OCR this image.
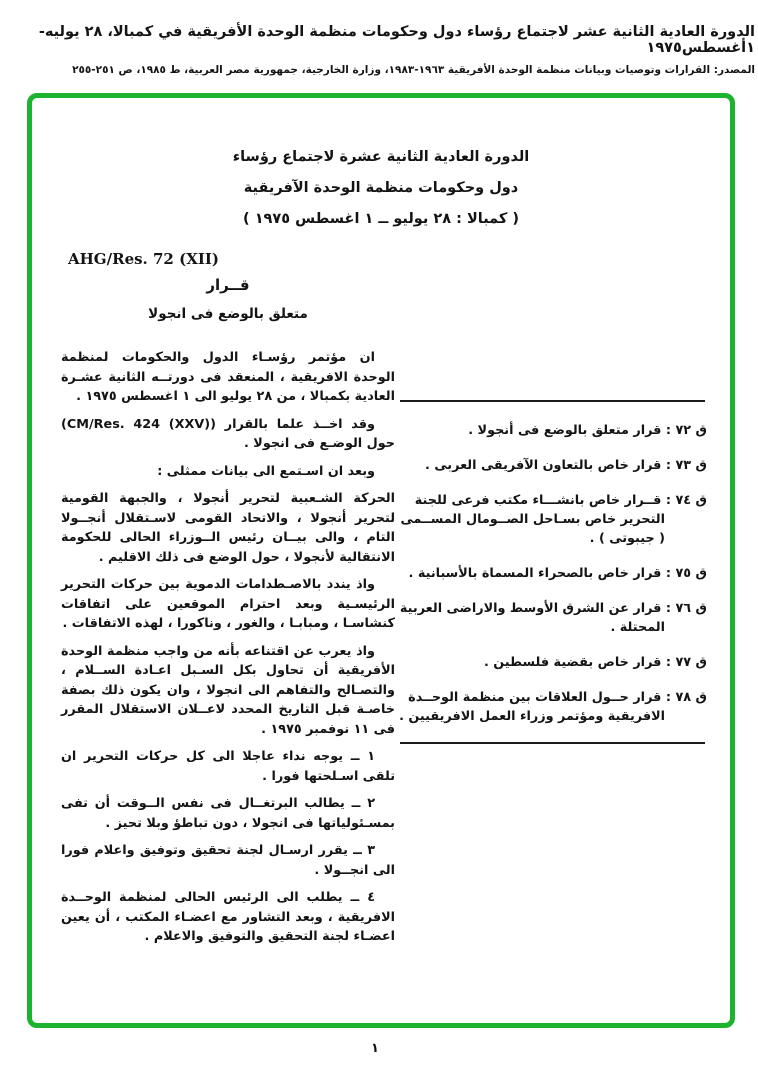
الدورة العادية الثانية عشر لاجتماع رؤساء دول وحكومات منظمة الوحدة الأفريقية في كمبالا، ٢٨ يوليه- ١أغسطس١٩٧٥
المصدر: القرارات وتوصيات وبيانات منظمة الوحدة الأفريقية ١٩٦٣-١٩٨٣، وزارة الخارجية، جمهورية مصر العربية، ط ١٩٨٥، ص ٢٥١-٢٥٥
الدورة العادية الثانية عشرة لاجتماع رؤساء
دول وحكومات منظمة الوحدة الآفريقية
( كمبالا : ٢٨ يوليو ــ ١ اغسطس ١٩٧٥ )
AHG/Res. 72 (XII)
قــرار
متعلق بالوضع فى انجولا

ان مؤتمر رؤسـاء الدول والحكومات لمنظمة الوحدة الافريقية ، المنعقد فى دورتــه الثانية عشـرة العادية بكمبالا ، من ٢٨ يوليو الى ١ اغسطس ١٩٧٥ .

وقد اخــذ علما بالقرار (CM/Res. 424 (XXV)) حول الوضـع فى انجولا .

وبعد ان اسـتمع الى بيانات ممثلى :

الحركة الشـعبية لتحرير أنجولا ، والجبهة القومية لتحرير أنجولا ، والاتحاد القومى لاسـتقلال أنجــولا التام ، والى بيــان رئيس الــوزراء الحالى للحكومة الانتقالية لأنجولا ، حول الوضع فى ذلك الاقليم .

واذ يندد بالاصـطدامات الدموية بين حركات التحرير الرئيسـية وبعد احترام الموقعين على اتفاقات كنشاسـا ، ومبابـا ، والغور ، وناكورا ، لهذه الاتفاقات .

واذ يعرب عن اقتناعه بأنه من واجب منظمة الوحدة الأفريقية أن تحاول بكل السـبل اعـادة الســلام ، والتصـالح والتفاهم الى انجولا ، وان يكون ذلك بصفة خاصـة قبل التاريخ المحدد لاعــلان الاستقلال المقرر فى ١١ نوفمبر ١٩٧٥ .

١ ــ يوجه نداء عاجلا الى كل حركات التحرير ان تلقى اسـلحتها فورا .

٢ ــ يطالب البرتغــال فى نفس الــوقت أن تفى بمسـئولياتها فى انجولا ، دون تباطؤ وبلا تحيز .

٣ ــ يقرر ارسـال لجنة تحقيق وتوفيق واعلام فورا الى انجــولا .

٤ ــ يطلب الى الرئيس الحالى لمنظمة الوحــدة الافريقية ، وبعد التشاور مع اعضـاء المكتب ، أن يعين اعضـاء لجنة التحقيق والتوفيق والاعلام .

ق ٧٢ : قرار متعلق بالوضع فى أنجولا .
ق ٧٣ : قرار خاص بالتعاون الآفريقى العربى .
ق ٧٤ : قــرار خاص بانشـــاء مكتب فرعى للجنة التحرير خاص بسـاحل الصــومال المســمى ( جيبوتى ) .
ق ٧٥ : قرار خاص بالصحراء المسماة بالأسبانية .
ق ٧٦ : قرار عن الشرق الأوسط والاراضى العربية المحتلة .
ق ٧٧ : قرار خاص بقضية فلسطين .
ق ٧٨ : قرار حــول العلاقات بين منظمة الوحــدة الافريقية ومؤتمر وزراء العمل الافريقيين .
١
